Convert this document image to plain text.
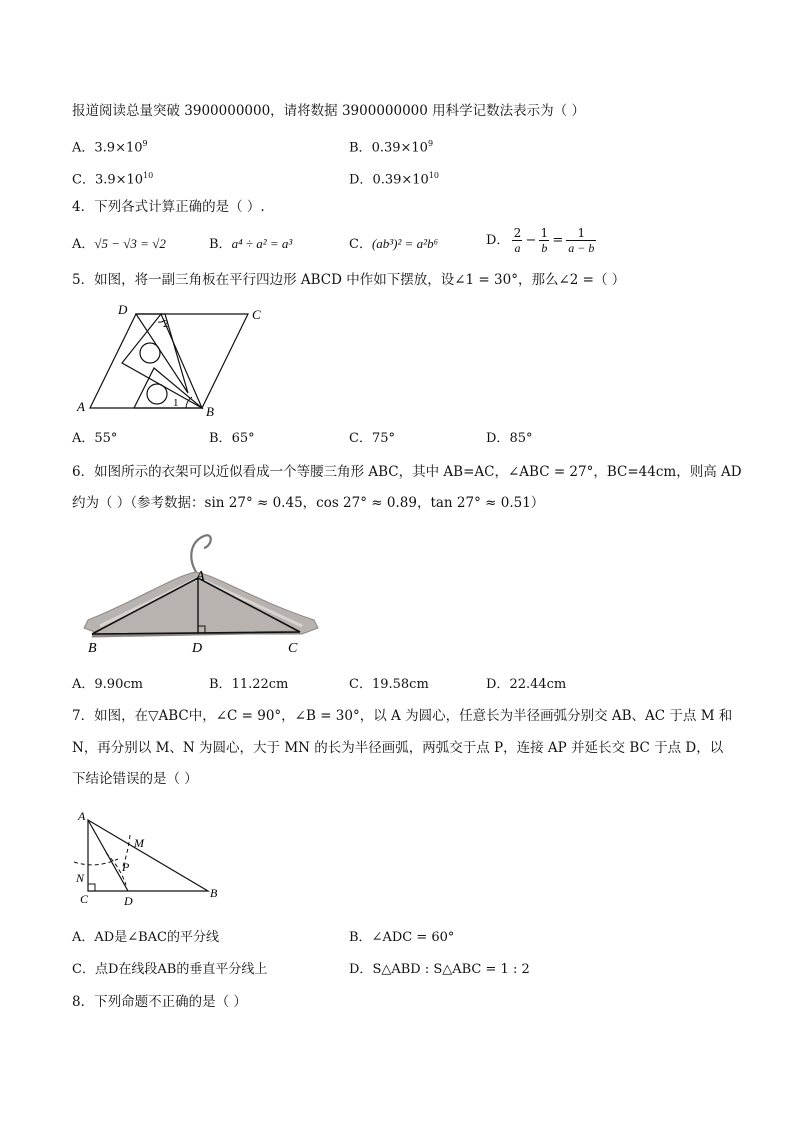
报道阅读总量突破 3900000000，请将数据 3900000000 用科学记数法表示为（ ）
A．$3.9\times 10^9$	B．$0.39\times 10^9$
C．$3.9\times 10^{10}$	D．$0.39\times 10^{10}$
4．下列各式计算正确的是（ ）.
A．√5 − √3 = √2	B．a⁴ ÷ a² = a³	C．(ab³)² = a²b⁶	D． 2
a
− $\frac{1}{b} = \frac{1}{a - b}$
5．如图，将一副三角板在平行四边形 ABCD 中作如下摆放，设∠1 = 30°，那么∠2 =（ ）
A	B
C
D
1
2
A．55°	B．65°	C．75°	D．85°
6．如图所示的衣架可以近似看成一个等腰三角形 ABC，其中 AB=AC，∠ABC = 27°，BC=44cm，则高 AD
约为（ ）（参考数据：sin 27° ≈ 0.45，cos 27° ≈ 0.89，tan 27° ≈ 0.51）
A
B	D	C
A．9.90cm	B．11.22cm	C．19.58cm	D．22.44cm
7．如图，在▽ABC中，∠C = 90°，∠B = 30°，以 A 为圆心，任意长为半径画弧分别交 AB、AC 于点 M 和
N，再分别以 M、N 为圆心，大于 MN 的长为半径画弧，两弧交于点 P，连接 AP 并延长交 BC 于点 D，以
下结论错误的是（ ）
A
M
N
P
C	D
B
A．AD是∠BAC的平分线	B．∠ADC = 60°
C．点D在线段AB的垂直平分线上	D．S△ABD : S△ABC = 1 : 2
8．下列命题不正确的是（ ）
